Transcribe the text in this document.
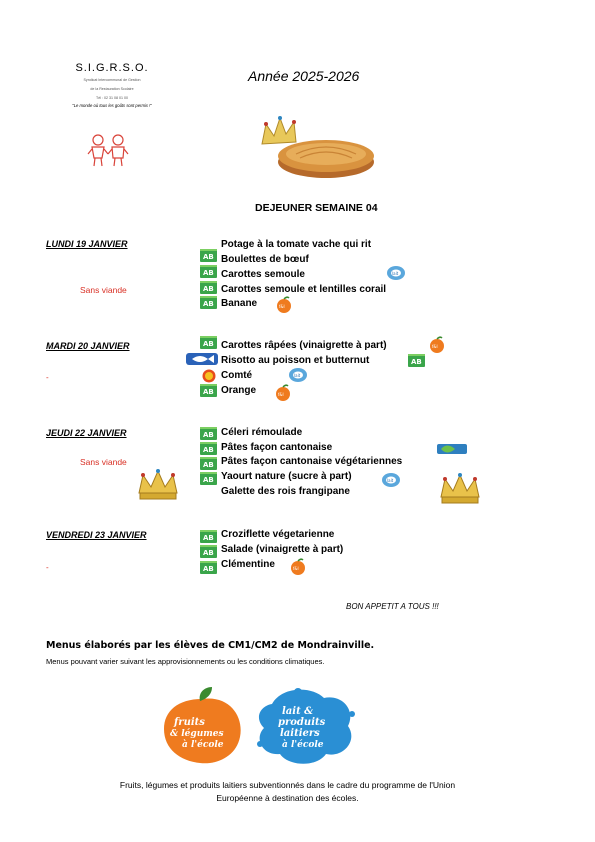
S.I.G.R.S.O.
Syndicat Intercommunal de Gestion
de la Restauration Scolaire
Tél : 02 31 08 01 00
"Le monde où tous les goûts sont permis !"
Année 2025-2026
DEJEUNER SEMAINE 04
LUNDI 19 JANVIER
Sans viande
AB
AB
AB
AB
Potage à la tomate vache qui rit
Boulettes de bœuf
Carottes semoule
Carottes semoule et lentilles corail
Banane
lait
f&l
MARDI 20 JANVIER
-
AB
AB
Carottes râpées (vinaigrette à part)
Risotto au poisson et butternut
Comté
Orange
f&l
AB
lait
f&l
JEUDI 22 JANVIER
Sans viande
AB
AB
AB
AB
Céleri rémoulade
Pâtes façon cantonaise
Pâtes façon cantonaise végétariennes
Yaourt nature (sucre à part)
Galette des rois frangipane
lait
VENDREDI 23 JANVIER
-
AB
AB
AB
Croziflette végetarienne
Salade (vinaigrette à part)
Clémentine	f&l
BON APPETIT A TOUS !!!
Menus élaborés par les élèves de CM1/CM2 de Mondrainville.
Menus pouvant varier suivant les approvisionnements ou les conditions climatiques.
fruits
& légumes
à l'école
lait &
produits
laitiers
à l'école
Fruits, légumes et produits laitiers subventionnés dans le cadre du programme de l'Union
Européenne à destination des écoles.
